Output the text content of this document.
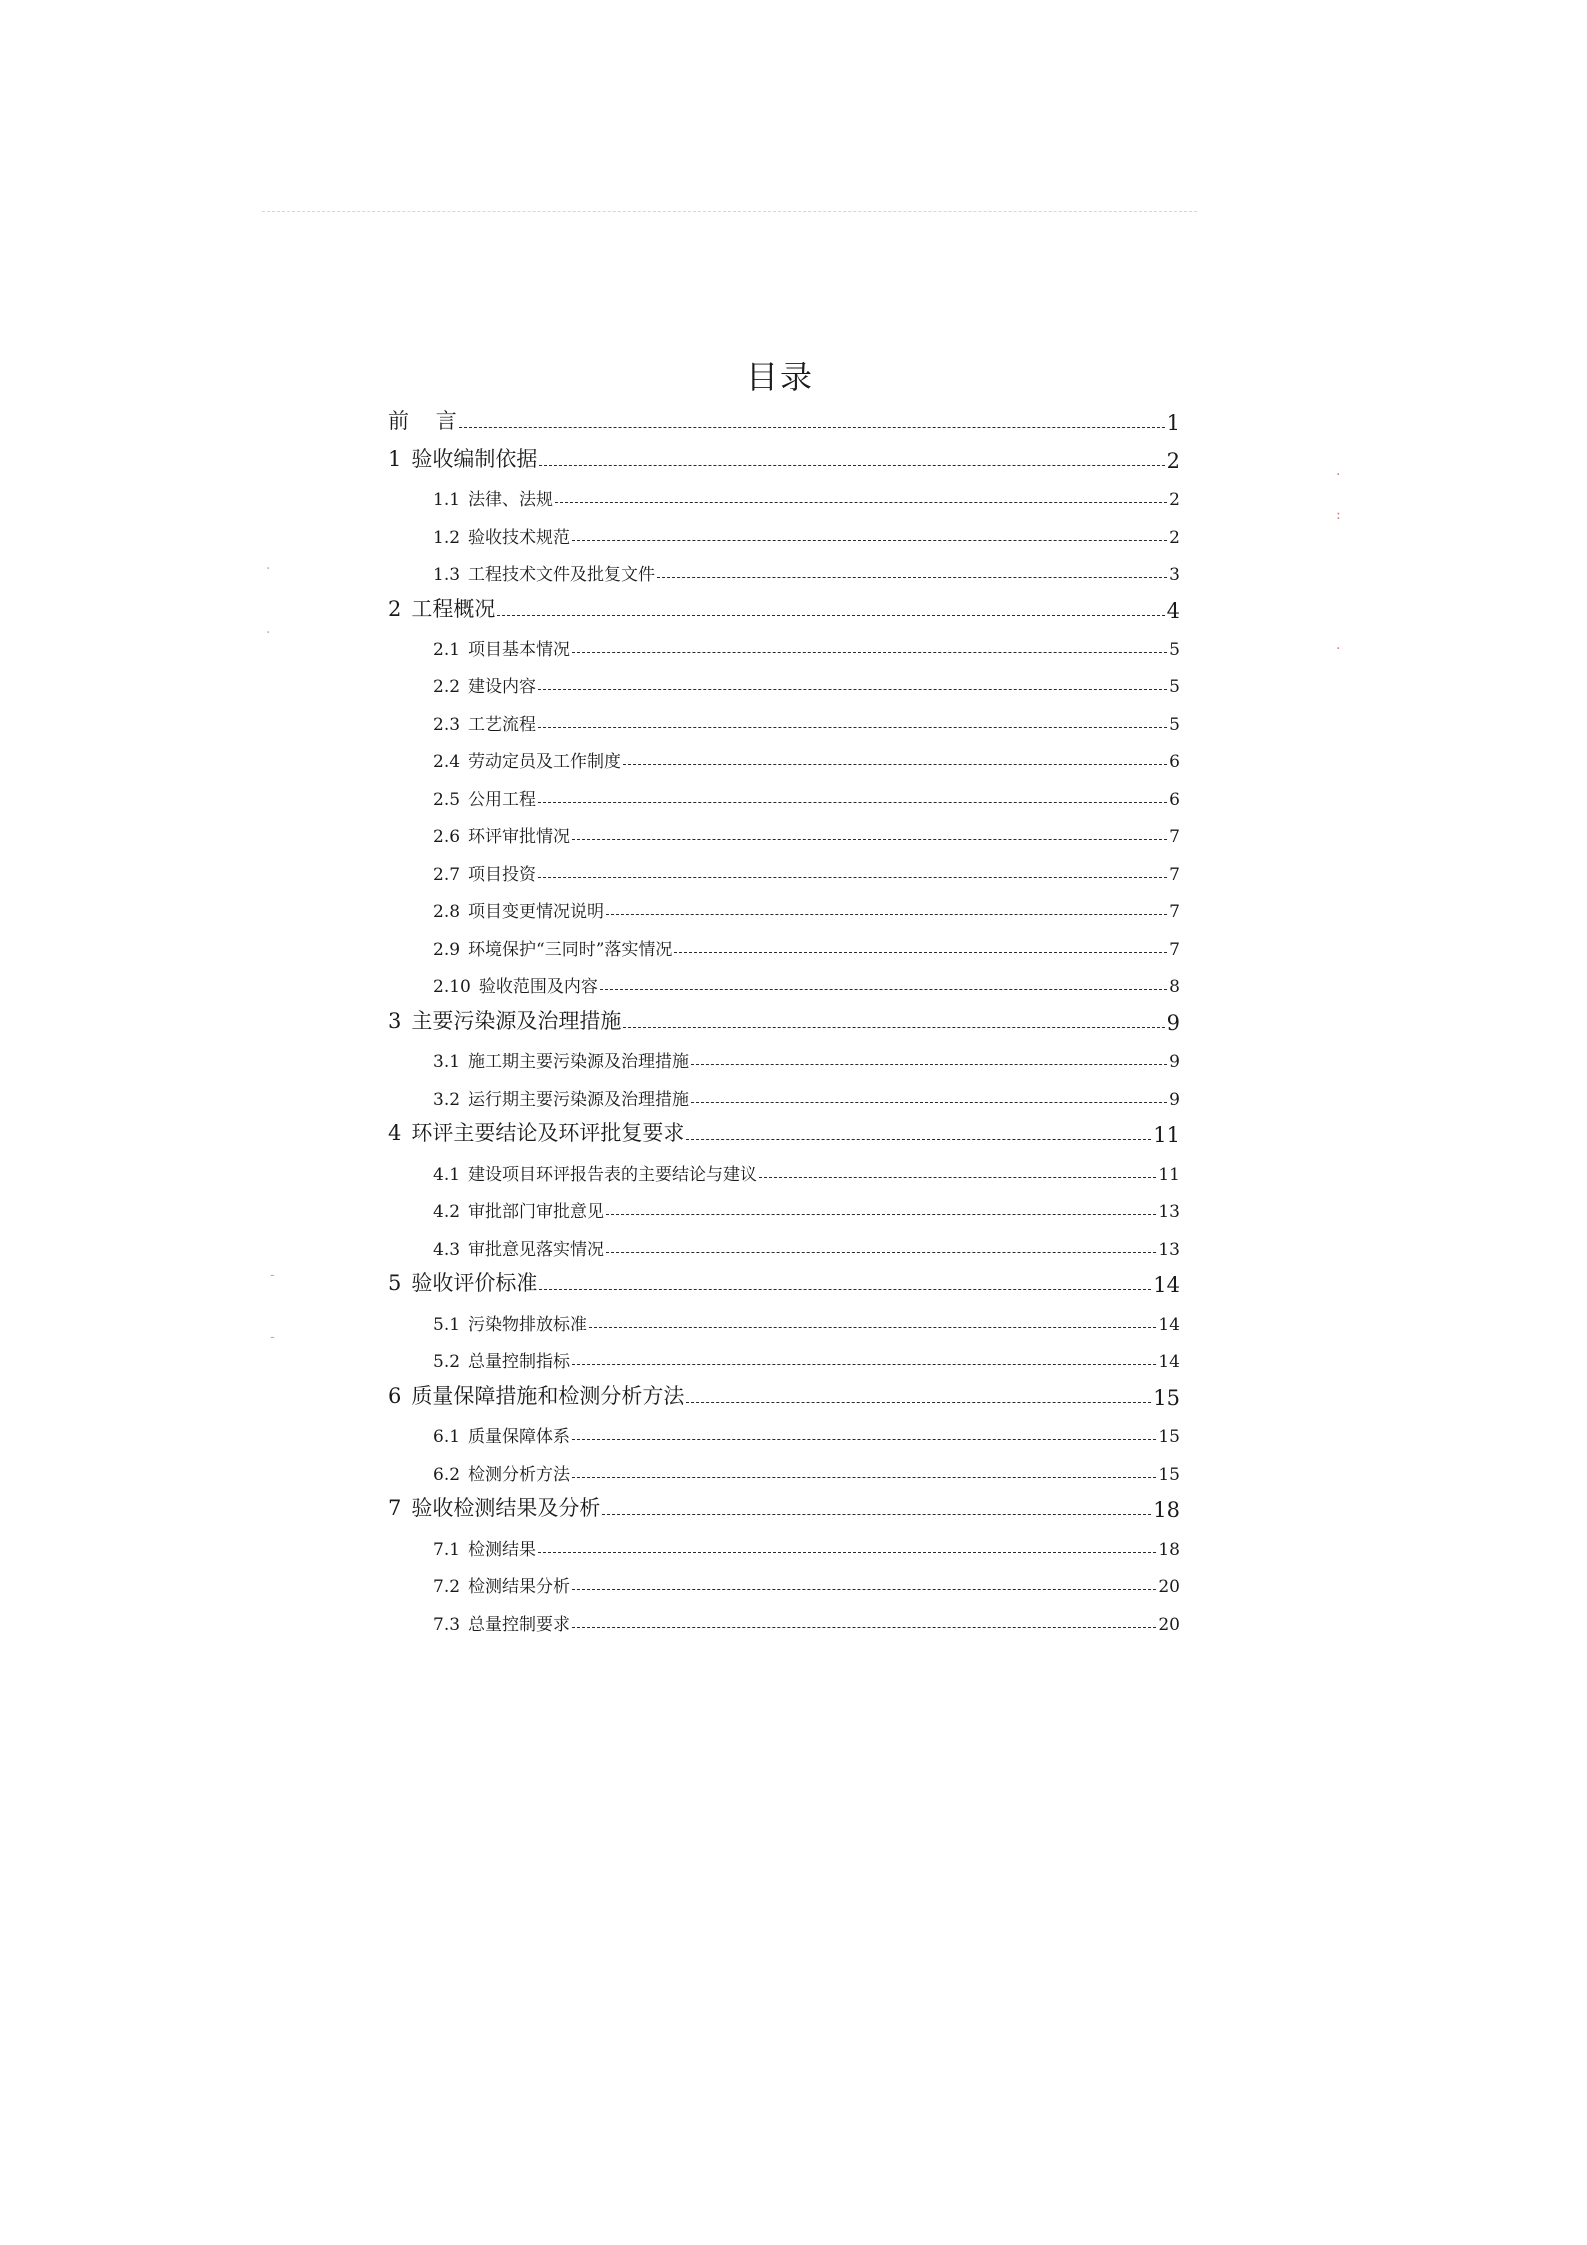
·
:
·
·
·
-
-
目录
前    言	1
1 验收编制依据	2
1.1 法律、法规	2
1.2 验收技术规范	2
1.3 工程技术文件及批复文件	3
2 工程概况	4
2.1 项目基本情况	5
2.2 建设内容	5
2.3 工艺流程	5
2.4 劳动定员及工作制度	6
2.5 公用工程	6
2.6 环评审批情况	7
2.7 项目投资	7
2.8 项目变更情况说明	7
2.9 环境保护“三同时”落实情况	7
2.10 验收范围及内容	8
3 主要污染源及治理措施	9
3.1 施工期主要污染源及治理措施	9
3.2 运行期主要污染源及治理措施	9
4 环评主要结论及环评批复要求	11
4.1 建设项目环评报告表的主要结论与建议	11
4.2 审批部门审批意见	13
4.3 审批意见落实情况	13
5 验收评价标准	14
5.1 污染物排放标准	14
5.2 总量控制指标	14
6 质量保障措施和检测分析方法	15
6.1 质量保障体系	15
6.2 检测分析方法	15
7 验收检测结果及分析	18
7.1 检测结果	18
7.2 检测结果分析	20
7.3 总量控制要求	20
